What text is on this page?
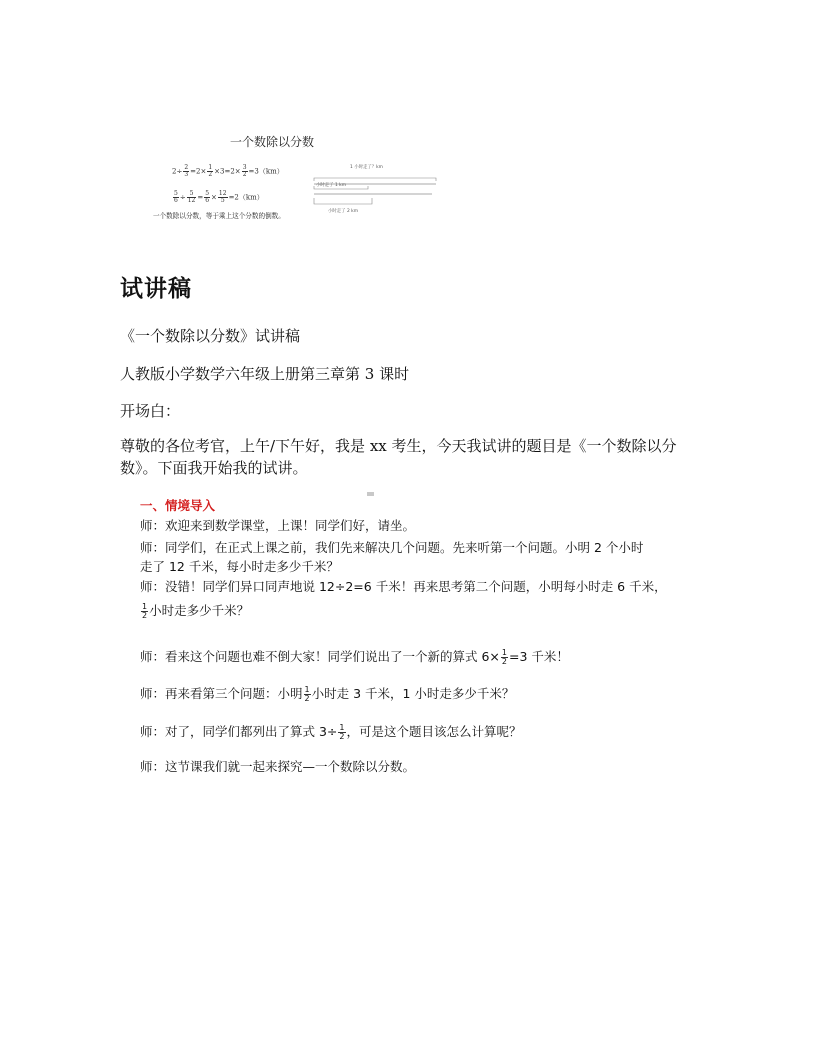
一个数除以分数
$2\div \frac{2}{3} =2\times \frac{1}{2} \times 3=2\times \frac{3}{2} =3(km)$
$\frac{5}{6} \div \frac{5}{12} = \frac{5}{6} \times \frac{12}{5} =2(km)$
一个数除以分数，等于乘上这个分数的倒数。
1 小时走了？km
小时走了 1 km
小时走了 2 km
试讲稿

《一个数除以分数》试讲稿

人教版小学数学六年级上册第三章第 3 课时

开场白：

尊敬的各位考官，上午/下午好，我是 xx 考生，今天我试讲的题目是《一个数除以分数》。下面我开始我的试讲。

一、情境导入
师：欢迎来到数学课堂，上课！同学们好，请坐。
师：同学们，在正式上课之前，我们先来解决几个问题。先来听第一个问题。小明 2 个小时
走了 12 千米，每小时走多少千米？
师：没错！同学们异口同声地说 12÷2=6 千米！再来思考第二个问题，小明每小时走 6 千米，
$\frac{1}{2}$ 小时走多少千米？
师：看来这个问题也难不倒大家！同学们说出了一个新的算式 $6\times \frac{1}{2} =3$ 千米！
师：再来看第三个问题：小明 $\frac{1}{2}$ 小时走 3 千米，1 小时走多少千米？
师：对了，同学们都列出了算式 $3\div \frac{1}{2}$ ，可是这个题目该怎么计算呢？
师：这节课我们就一起来探究—一个数除以分数。
